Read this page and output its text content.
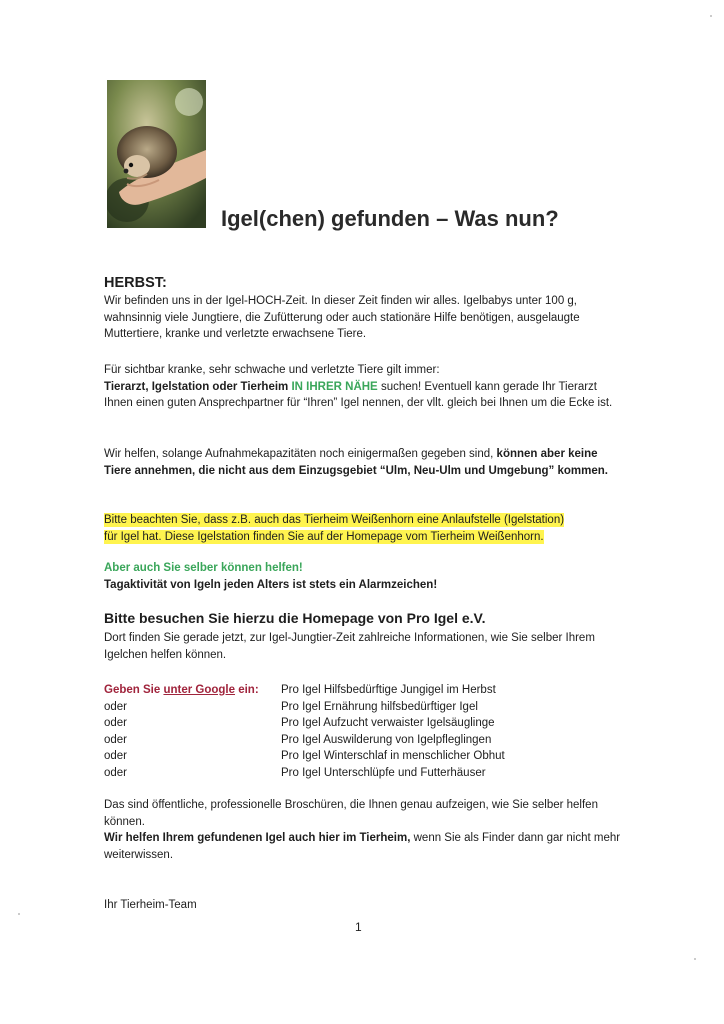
Igel(chen) gefunden – Was nun?
HERBST:

Wir befinden uns in der Igel-HOCH-Zeit. In dieser Zeit finden wir alles. Igelbabys unter 100 g, wahnsinnig viele Jungtiere, die Zufütterung oder auch stationäre Hilfe benötigen, ausgelaugte Muttertiere, kranke und verletzte erwachsene Tiere.

Für sichtbar kranke, sehr schwache und verletzte Tiere gilt immer:

Tierarzt, Igelstation oder Tierheim IN IHRER NÄHE suchen! Eventuell kann gerade Ihr Tierarzt Ihnen einen guten Ansprechpartner für “Ihren” Igel nennen, der vllt. gleich bei Ihnen um die Ecke ist.

Wir helfen, solange Aufnahmekapazitäten noch einigermaßen gegeben sind, können aber keine Tiere annehmen, die nicht aus dem Einzugsgebiet “Ulm, Neu-Ulm und Umgebung” kommen.

Bitte beachten Sie, dass z.B. auch das Tierheim Weißenhorn eine Anlaufstelle (Igelstation)

für Igel hat. Diese Igelstation finden Sie auf der Homepage vom Tierheim Weißenhorn.

Aber auch Sie selber können helfen!

Tagaktivität von Igeln jeden Alters ist stets ein Alarmzeichen!

Bitte besuchen Sie hierzu die Homepage von Pro Igel e.V.

Dort finden Sie gerade jetzt, zur Igel-Jungtier-Zeit zahlreiche Informationen, wie Sie selber Ihrem Igelchen helfen können.

Geben Sie unter Google ein:	Pro Igel Hilfsbedürftige Jungigel im Herbst
oder	Pro Igel Ernährung hilfsbedürftiger Igel
oder	Pro Igel Aufzucht verwaister Igelsäuglinge
oder	Pro Igel Auswilderung von Igelpfleglingen
oder	Pro Igel Winterschlaf in menschlicher Obhut
oder	Pro Igel Unterschlüpfe und Futterhäuser

Das sind öffentliche, professionelle Broschüren, die Ihnen genau aufzeigen, wie Sie selber helfen können.

Wir helfen Ihrem gefundenen Igel auch hier im Tierheim, wenn Sie als Finder dann gar nicht mehr weiterwissen.

Ihr Tierheim-Team
1
